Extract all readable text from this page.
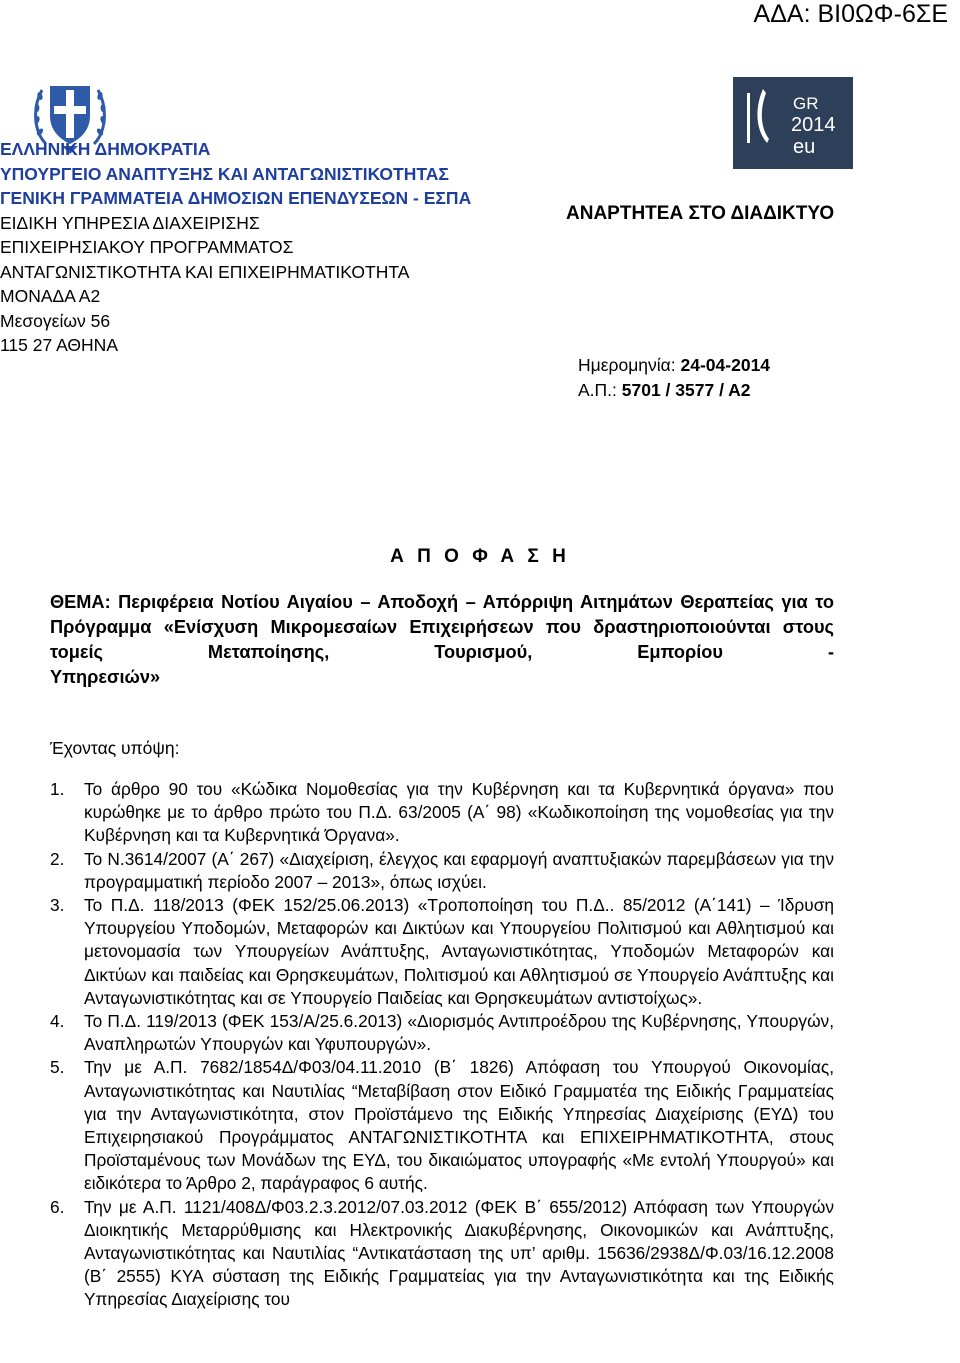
ΑΔΑ: ΒΙ0ΩΦ-6ΣΕ
GR
2014
eu
ΕΛΛΗΝΙΚΗ ΔΗΜΟΚΡΑΤΙΑ
ΥΠΟΥΡΓΕΙΟ ΑΝΑΠΤΥΞΗΣ ΚΑΙ ΑΝΤΑΓΩΝΙΣΤΙΚΟΤΗΤΑΣ
ΓΕΝΙΚΗ ΓΡΑΜΜΑΤΕΙΑ ΔΗΜΟΣΙΩΝ ΕΠΕΝΔΥΣΕΩΝ - ΕΣΠΑ
ΕΙΔΙΚΗ ΥΠΗΡΕΣΙΑ ΔΙΑΧΕΙΡΙΣΗΣ
ΕΠΙΧΕΙΡΗΣΙΑΚΟΥ ΠΡΟΓΡΑΜΜΑΤΟΣ
ΑΝΤΑΓΩΝΙΣΤΙΚΟΤΗΤΑ ΚΑΙ ΕΠΙΧΕΙΡΗΜΑΤΙΚΟΤΗΤΑ
ΜΟΝΑΔΑ Α2
Μεσογείων 56
115 27 ΑΘΗΝΑ
ΑΝΑΡΤΗΤΕΑ ΣΤΟ ΔΙΑΔΙΚΤΥΟ
Ημερομηνία: 24-04-2014
Α.Π.: 5701 / 3577 / Α2
Α Π Ο Φ Α Σ Η
ΘΕΜΑ: Περιφέρεια Νοτίου Αιγαίου – Αποδοχή – Απόρριψη Αιτημάτων Θεραπείας για το Πρόγραμμα «Ενίσχυση Μικρομεσαίων Επιχειρήσεων που δραστηριοποιούνται στους τομείς Μεταποίησης, Τουρισμού, Εμπορίου -
Υπηρεσιών»
Έχοντας υπόψη:
1. Το άρθρο 90 του «Κώδικα Νομοθεσίας για την Κυβέρνηση και τα Κυβερνητικά όργανα» που κυρώθηκε με το άρθρο πρώτο του Π.Δ. 63/2005 (Α΄ 98) «Κωδικοποίηση της νομοθεσίας για την Κυβέρνηση και τα Κυβερνητικά Όργανα».
2. Το Ν.3614/2007 (Α΄ 267) «Διαχείριση, έλεγχος και εφαρμογή αναπτυξιακών παρεμβάσεων για την προγραμματική περίοδο 2007 – 2013», όπως ισχύει.
3. Το Π.Δ. 118/2013 (ΦΕΚ 152/25.06.2013) «Τροποποίηση του Π.Δ.. 85/2012 (Α΄141) – Ίδρυση Υπουργείου Υποδομών, Μεταφορών και Δικτύων και Υπουργείου Πολιτισμού και Αθλητισμού και μετονομασία των Υπουργείων Ανάπτυξης, Ανταγωνιστικότητας, Υποδομών Μεταφορών και Δικτύων και παιδείας και Θρησκευμάτων, Πολιτισμού και Αθλητισμού σε Υπουργείο Ανάπτυξης και Ανταγωνιστικότητας και σε Υπουργείο Παιδείας και Θρησκευμάτων αντιστοίχως».
4. Το Π.Δ. 119/2013 (ΦΕΚ 153/Α/25.6.2013) «Διορισμός Αντιπροέδρου της Κυβέρνησης, Υπουργών, Αναπληρωτών Υπουργών και Υφυπουργών».
5. Την με Α.Π. 7682/1854Δ/Φ03/04.11.2010 (Β΄ 1826) Απόφαση του Υπουργού Οικονομίας, Ανταγωνιστικότητας και Ναυτιλίας “Μεταβίβαση στον Ειδικό Γραμματέα της Ειδικής Γραμματείας για την Ανταγωνιστικότητα, στον Προϊστάμενο της Ειδικής Υπηρεσίας Διαχείρισης (ΕΥΔ) του Επιχειρησιακού Προγράμματος ΑΝΤΑΓΩΝΙΣΤΙΚΟΤΗΤΑ και ΕΠΙΧΕΙΡΗΜΑΤΙΚΟΤΗΤΑ, στους Προϊσταμένους των Μονάδων της ΕΥΔ, του δικαιώματος υπογραφής «Με εντολή Υπουργού» και ειδικότερα το Άρθρο 2, παράγραφος 6 αυτής.
6. Την με Α.Π. 1121/408Δ/Φ03.2.3.2012/07.03.2012 (ΦΕΚ Β΄ 655/2012) Απόφαση των Υπουργών Διοικητικής Μεταρρύθμισης και Ηλεκτρονικής Διακυβέρνησης, Οικονομικών και Ανάπτυξης, Ανταγωνιστικότητας και Ναυτιλίας “Αντικατάσταση της υπ’ αριθμ. 15636/2938Δ/Φ.03/16.12.2008 (Β΄ 2555) ΚΥΑ σύσταση της Ειδικής Γραμματείας για την Ανταγωνιστικότητα και της Ειδικής Υπηρεσίας Διαχείρισης του
